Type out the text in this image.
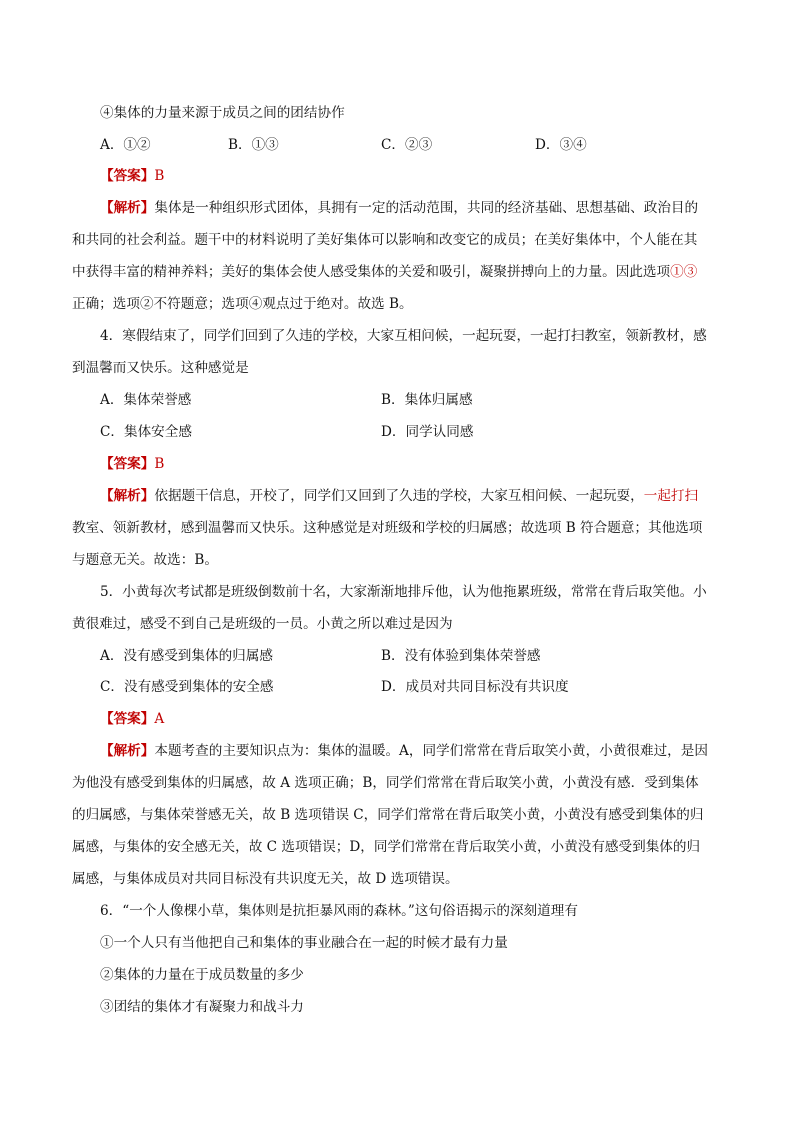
④集体的力量来源于成员之间的团结协作
A．①②	B．①③	C．②③	D．③④
【答案】B
【解析】集体是一种组织形式团体，具拥有一定的活动范围，共同的经济基础、思想基础、政治目的
和共同的社会利益。题干中的材料说明了美好集体可以影响和改变它的成员；在美好集体中，个人能在其
中获得丰富的精神养料；美好的集体会使人感受集体的关爱和吸引，凝聚拼搏向上的力量。因此选项①③
正确；选项②不符题意；选项④观点过于绝对。故选 B。
4．寒假结束了，同学们回到了久违的学校，大家互相问候，一起玩耍，一起打扫教室，领新教材，感
到温馨而又快乐。这种感觉是
A．集体荣誉感	B．集体归属感
C．集体安全感	D．同学认同感
【答案】B
【解析】依据题干信息，开校了，同学们又回到了久违的学校，大家互相问候、一起玩耍，一起打扫
教室、领新教材，感到温馨而又快乐。这种感觉是对班级和学校的归属感；故选项 B 符合题意；其他选项
与题意无关。故选：B。
5．小黄每次考试都是班级倒数前十名，大家渐渐地排斥他，认为他拖累班级，常常在背后取笑他。小
黄很难过，感受不到自己是班级的一员。小黄之所以难过是因为
A．没有感受到集体的归属感	B．没有体验到集体荣誉感
C．没有感受到集体的安全感	D．成员对共同目标没有共识度
【答案】A
【解析】本题考查的主要知识点为：集体的温暖。A，同学们常常在背后取笑小黄，小黄很难过，是因
为他没有感受到集体的归属感，故 A 选项正确；B，同学们常常在背后取笑小黄，小黄没有感．受到集体
的归属感，与集体荣誉感无关，故 B 选项错误 C，同学们常常在背后取笑小黄，小黄没有感受到集体的归
属感，与集体的安全感无关，故 C 选项错误；D，同学们常常在背后取笑小黄，小黄没有感受到集体的归
属感，与集体成员对共同目标没有共识度无关，故 D 选项错误。
6．“一个人像棵小草，集体则是抗拒暴风雨的森林。”这句俗语揭示的深刻道理有
①一个人只有当他把自己和集体的事业融合在一起的时候才最有力量
②集体的力量在于成员数量的多少
③团结的集体才有凝聚力和战斗力
